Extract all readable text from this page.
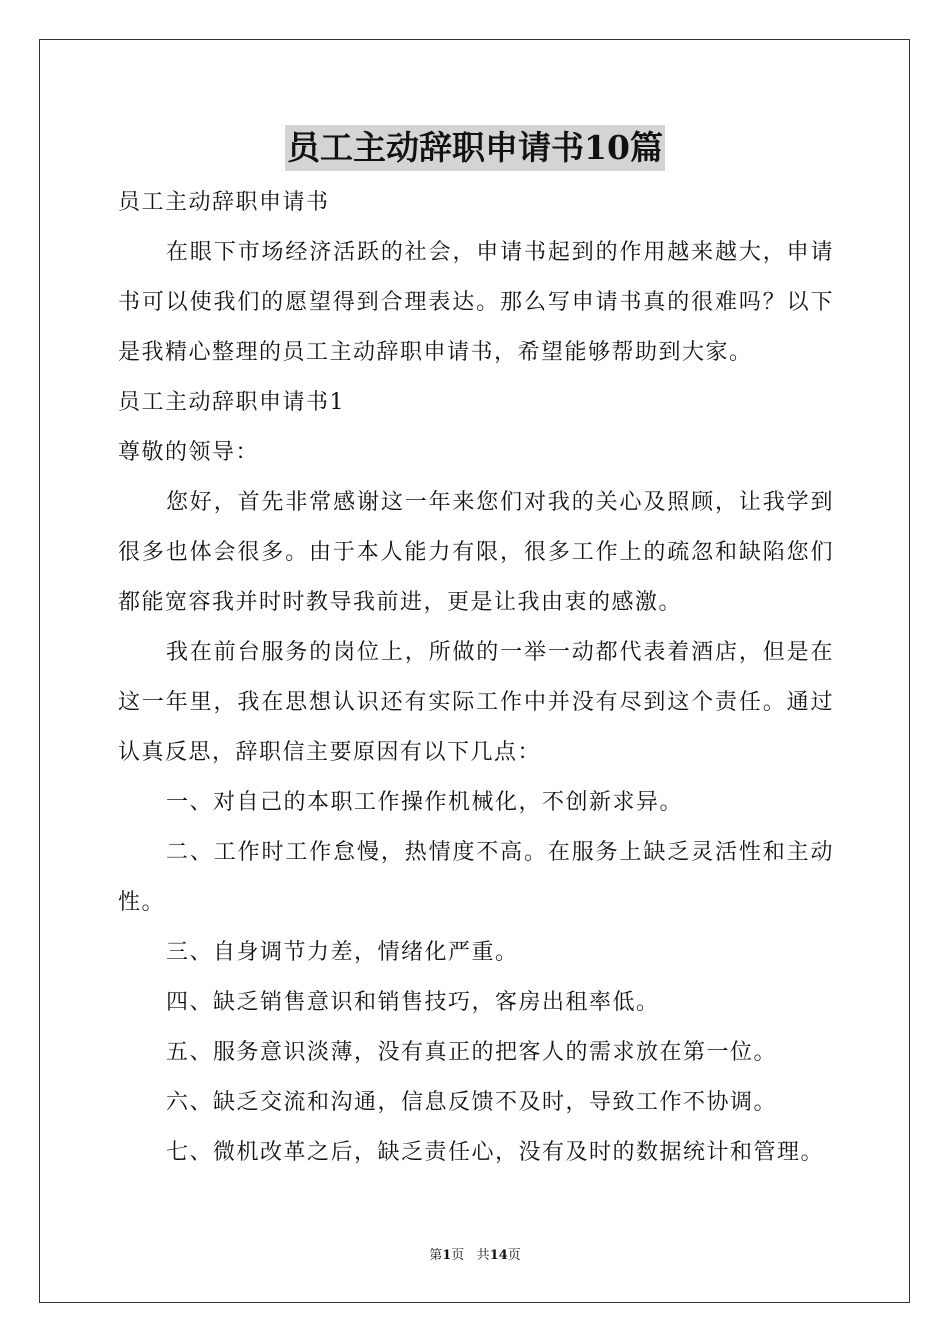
员工主动辞职申请书10篇

员工主动辞职申请书

在眼下市场经济活跃的社会，申请书起到的作用越来越大，申请书可以使我们的愿望得到合理表达。那么写申请书真的很难吗？以下是我精心整理的员工主动辞职申请书，希望能够帮助到大家。

员工主动辞职申请书1

尊敬的领导：

您好，首先非常感谢这一年来您们对我的关心及照顾，让我学到很多也体会很多。由于本人能力有限，很多工作上的疏忽和缺陷您们都能宽容我并时时教导我前进，更是让我由衷的感激。

我在前台服务的岗位上，所做的一举一动都代表着酒店，但是在这一年里，我在思想认识还有实际工作中并没有尽到这个责任。通过认真反思，辞职信主要原因有以下几点：

一、对自己的本职工作操作机械化，不创新求异。

二、工作时工作怠慢，热情度不高。在服务上缺乏灵活性和主动性。

三、自身调节力差，情绪化严重。

四、缺乏销售意识和销售技巧，客房出租率低。

五、服务意识淡薄，没有真正的把客人的需求放在第一位。

六、缺乏交流和沟通，信息反馈不及时，导致工作不协调。

七、微机改革之后，缺乏责任心，没有及时的数据统计和管理。

第1页 共14页
